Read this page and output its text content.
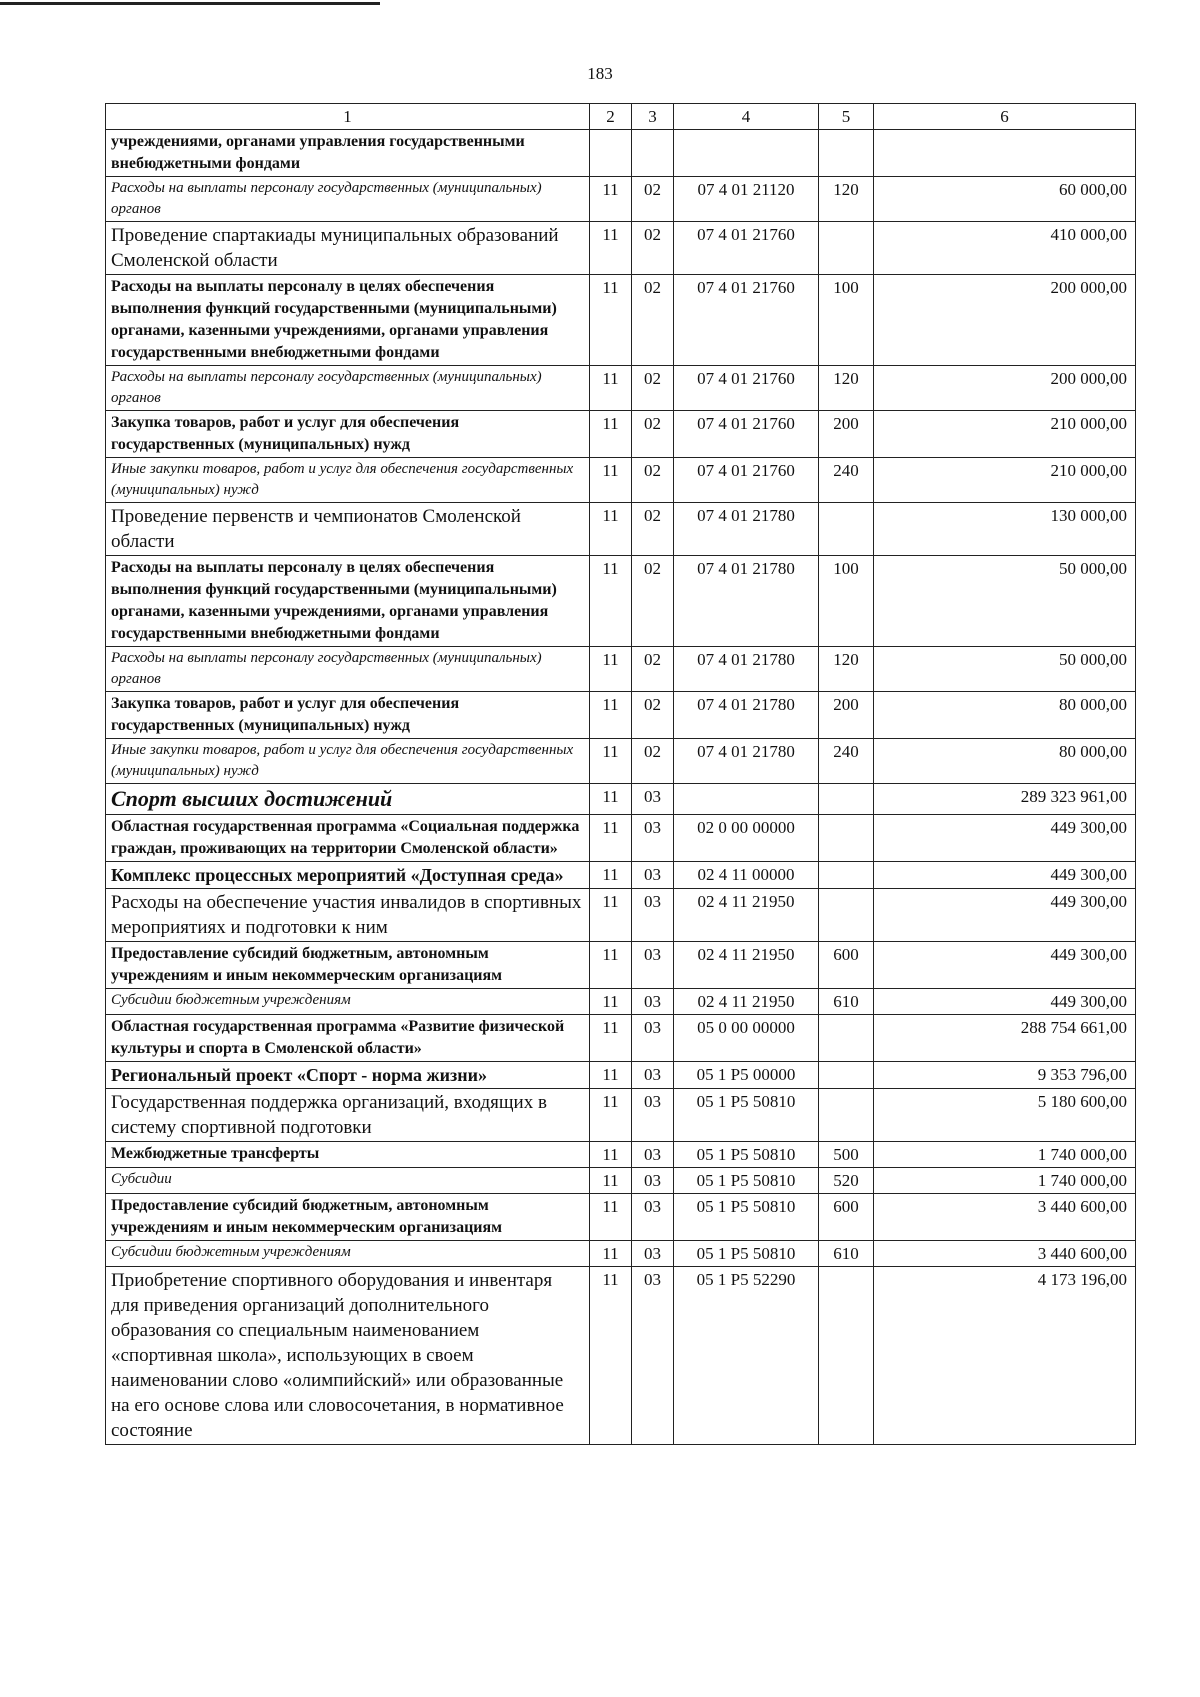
183
1	2	3	4	5	6
учреждениями, органами управления государственными внебюджетными фондами					
Расходы на выплаты персоналу государственных (муниципальных) органов	11	02	07 4 01 21120	120	60 000,00
Проведение спартакиады муниципальных образований Смоленской области	11	02	07 4 01 21760		410 000,00
Расходы на выплаты персоналу в целях обеспечения выполнения функций государственными (муниципальными) органами, казенными учреждениями, органами управления государственными внебюджетными фондами	11	02	07 4 01 21760	100	200 000,00
Расходы на выплаты персоналу государственных (муниципальных) органов	11	02	07 4 01 21760	120	200 000,00
Закупка товаров, работ и услуг для обеспечения государственных (муниципальных) нужд	11	02	07 4 01 21760	200	210 000,00
Иные закупки товаров, работ и услуг для обеспечения государственных (муниципальных) нужд	11	02	07 4 01 21760	240	210 000,00
Проведение первенств и чемпионатов Смоленской области	11	02	07 4 01 21780		130 000,00
Расходы на выплаты персоналу в целях обеспечения выполнения функций государственными (муниципальными) органами, казенными учреждениями, органами управления государственными внебюджетными фондами	11	02	07 4 01 21780	100	50 000,00
Расходы на выплаты персоналу государственных (муниципальных) органов	11	02	07 4 01 21780	120	50 000,00
Закупка товаров, работ и услуг для обеспечения государственных (муниципальных) нужд	11	02	07 4 01 21780	200	80 000,00
Иные закупки товаров, работ и услуг для обеспечения государственных (муниципальных) нужд	11	02	07 4 01 21780	240	80 000,00
Спорт высших достижений	11	03			289 323 961,00
Областная государственная программа «Социальная поддержка граждан, проживающих на территории Смоленской области»	11	03	02 0 00 00000		449 300,00
Комплекс процессных мероприятий «Доступная среда»	11	03	02 4 11 00000		449 300,00
Расходы на обеспечение участия инвалидов в спортивных мероприятиях и подготовки к ним	11	03	02 4 11 21950		449 300,00
Предоставление субсидий бюджетным, автономным учреждениям и иным некоммерческим организациям	11	03	02 4 11 21950	600	449 300,00
Субсидии бюджетным учреждениям	11	03	02 4 11 21950	610	449 300,00
Областная государственная программа «Развитие физической культуры и спорта в Смоленской области»	11	03	05 0 00 00000		288 754 661,00
Региональный проект «Спорт - норма жизни»	11	03	05 1 P5 00000		9 353 796,00
Государственная поддержка организаций, входящих в систему спортивной подготовки	11	03	05 1 P5 50810		5 180 600,00
Межбюджетные трансферты	11	03	05 1 P5 50810	500	1 740 000,00
Субсидии	11	03	05 1 P5 50810	520	1 740 000,00
Предоставление субсидий бюджетным, автономным учреждениям и иным некоммерческим организациям	11	03	05 1 P5 50810	600	3 440 600,00
Субсидии бюджетным учреждениям	11	03	05 1 P5 50810	610	3 440 600,00
Приобретение спортивного оборудования и инвентаря для приведения организаций дополнительного образования со специальным наименованием «спортивная школа», использующих в своем наименовании слово «олимпийский» или образованные на его основе слова или словосочетания, в нормативное состояние	11	03	05 1 P5 52290		4 173 196,00
